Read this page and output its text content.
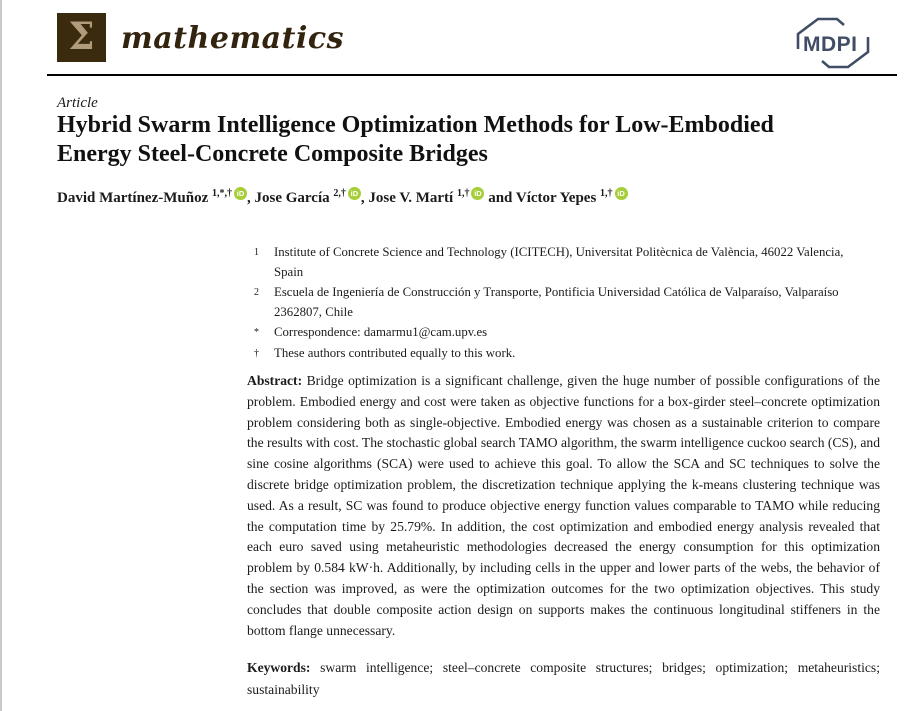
Σ mathematics	MDPI
Article
Hybrid Swarm Intelligence Optimization Methods for Low-Embodied Energy Steel-Concrete Composite Bridges
David Martínez-Muñoz $^{1,*,\dagger}$ iD , Jose García $^{2,\dagger}$ iD , Jose V. Martí $^{1,\dagger}$ iD and Víctor Yepes $^{1,\dagger}$ iD
1	Institute of Concrete Science and Technology (ICITECH), Universitat Politècnica de València, 46022 Valencia, Spain
2	Escuela de Ingeniería de Construcción y Transporte, Pontificia Universidad Católica de Valparaíso, Valparaíso 2362807, Chile
*	Correspondence: damarmu1@cam.upv.es
†	These authors contributed equally to this work.

Abstract: Bridge optimization is a significant challenge, given the huge number of possible configurations of the problem. Embodied energy and cost were taken as objective functions for a box-girder steel–concrete optimization problem considering both as single-objective. Embodied energy was chosen as a sustainable criterion to compare the results with cost. The stochastic global search TAMO algorithm, the swarm intelligence cuckoo search (CS), and sine cosine algorithms (SCA) were used to achieve this goal. To allow the SCA and SC techniques to solve the discrete bridge optimization problem, the discretization technique applying the k-means clustering technique was used. As a result, SC was found to produce objective energy function values comparable to TAMO while reducing the computation time by 25.79%. In addition, the cost optimization and embodied energy analysis revealed that each euro saved using metaheuristic methodologies decreased the energy consumption for this optimization problem by 0.584 kW·h. Additionally, by including cells in the upper and lower parts of the webs, the behavior of the section was improved, as were the optimization outcomes for the two optimization objectives. This study concludes that double composite action design on supports makes the continuous longitudinal stiffeners in the bottom flange unnecessary.

Keywords: swarm intelligence; steel–concrete composite structures; bridges; optimization; metaheuristics; sustainability
